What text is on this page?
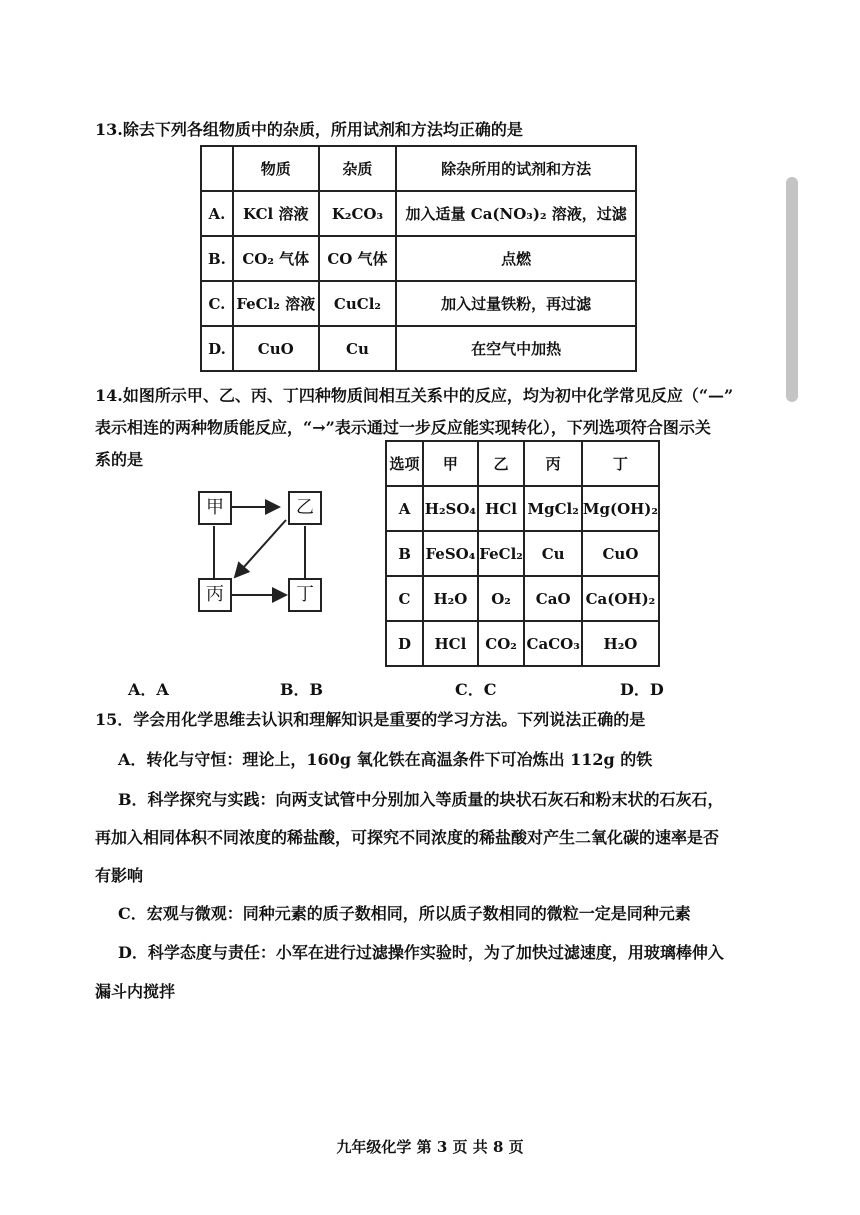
13.除去下列各组物质中的杂质，所用试剂和方法均正确的是
	物质	杂质	除杂所用的试剂和方法
A.	KCl 溶液	K₂CO₃	加入适量 Ca(NO₃)₂ 溶液，过滤
B.	CO₂ 气体	CO 气体	点燃
C.	FeCl₂ 溶液	CuCl₂	加入过量铁粉，再过滤
D.	CuO	Cu	在空气中加热
14.如图所示甲、乙、丙、丁四种物质间相互关系中的反应，均为初中化学常见反应（“—”
表示相连的两种物质能反应，“→”表示通过一步反应能实现转化），下列选项符合图示关
系的是
甲	乙
丙	丁
选项	甲	乙	丙	丁
A	H₂SO₄	HCl	MgCl₂	Mg(OH)₂
B	FeSO₄	FeCl₂	Cu	CuO
C	H₂O	O₂	CaO	Ca(OH)₂
D	HCl	CO₂	CaCO₃	H₂O
A．A	B．B	C．C	D．D
15．学会用化学思维去认识和理解知识是重要的学习方法。下列说法正确的是
A．转化与守恒：理论上，160g 氧化铁在高温条件下可冶炼出 112g 的铁
B．科学探究与实践：向两支试管中分别加入等质量的块状石灰石和粉末状的石灰石，
再加入相同体积不同浓度的稀盐酸，可探究不同浓度的稀盐酸对产生二氧化碳的速率是否
有影响
C．宏观与微观：同种元素的质子数相同，所以质子数相同的微粒一定是同种元素
D．科学态度与责任：小军在进行过滤操作实验时，为了加快过滤速度，用玻璃棒伸入
漏斗内搅拌
九年级化学 第 3 页 共 8 页
